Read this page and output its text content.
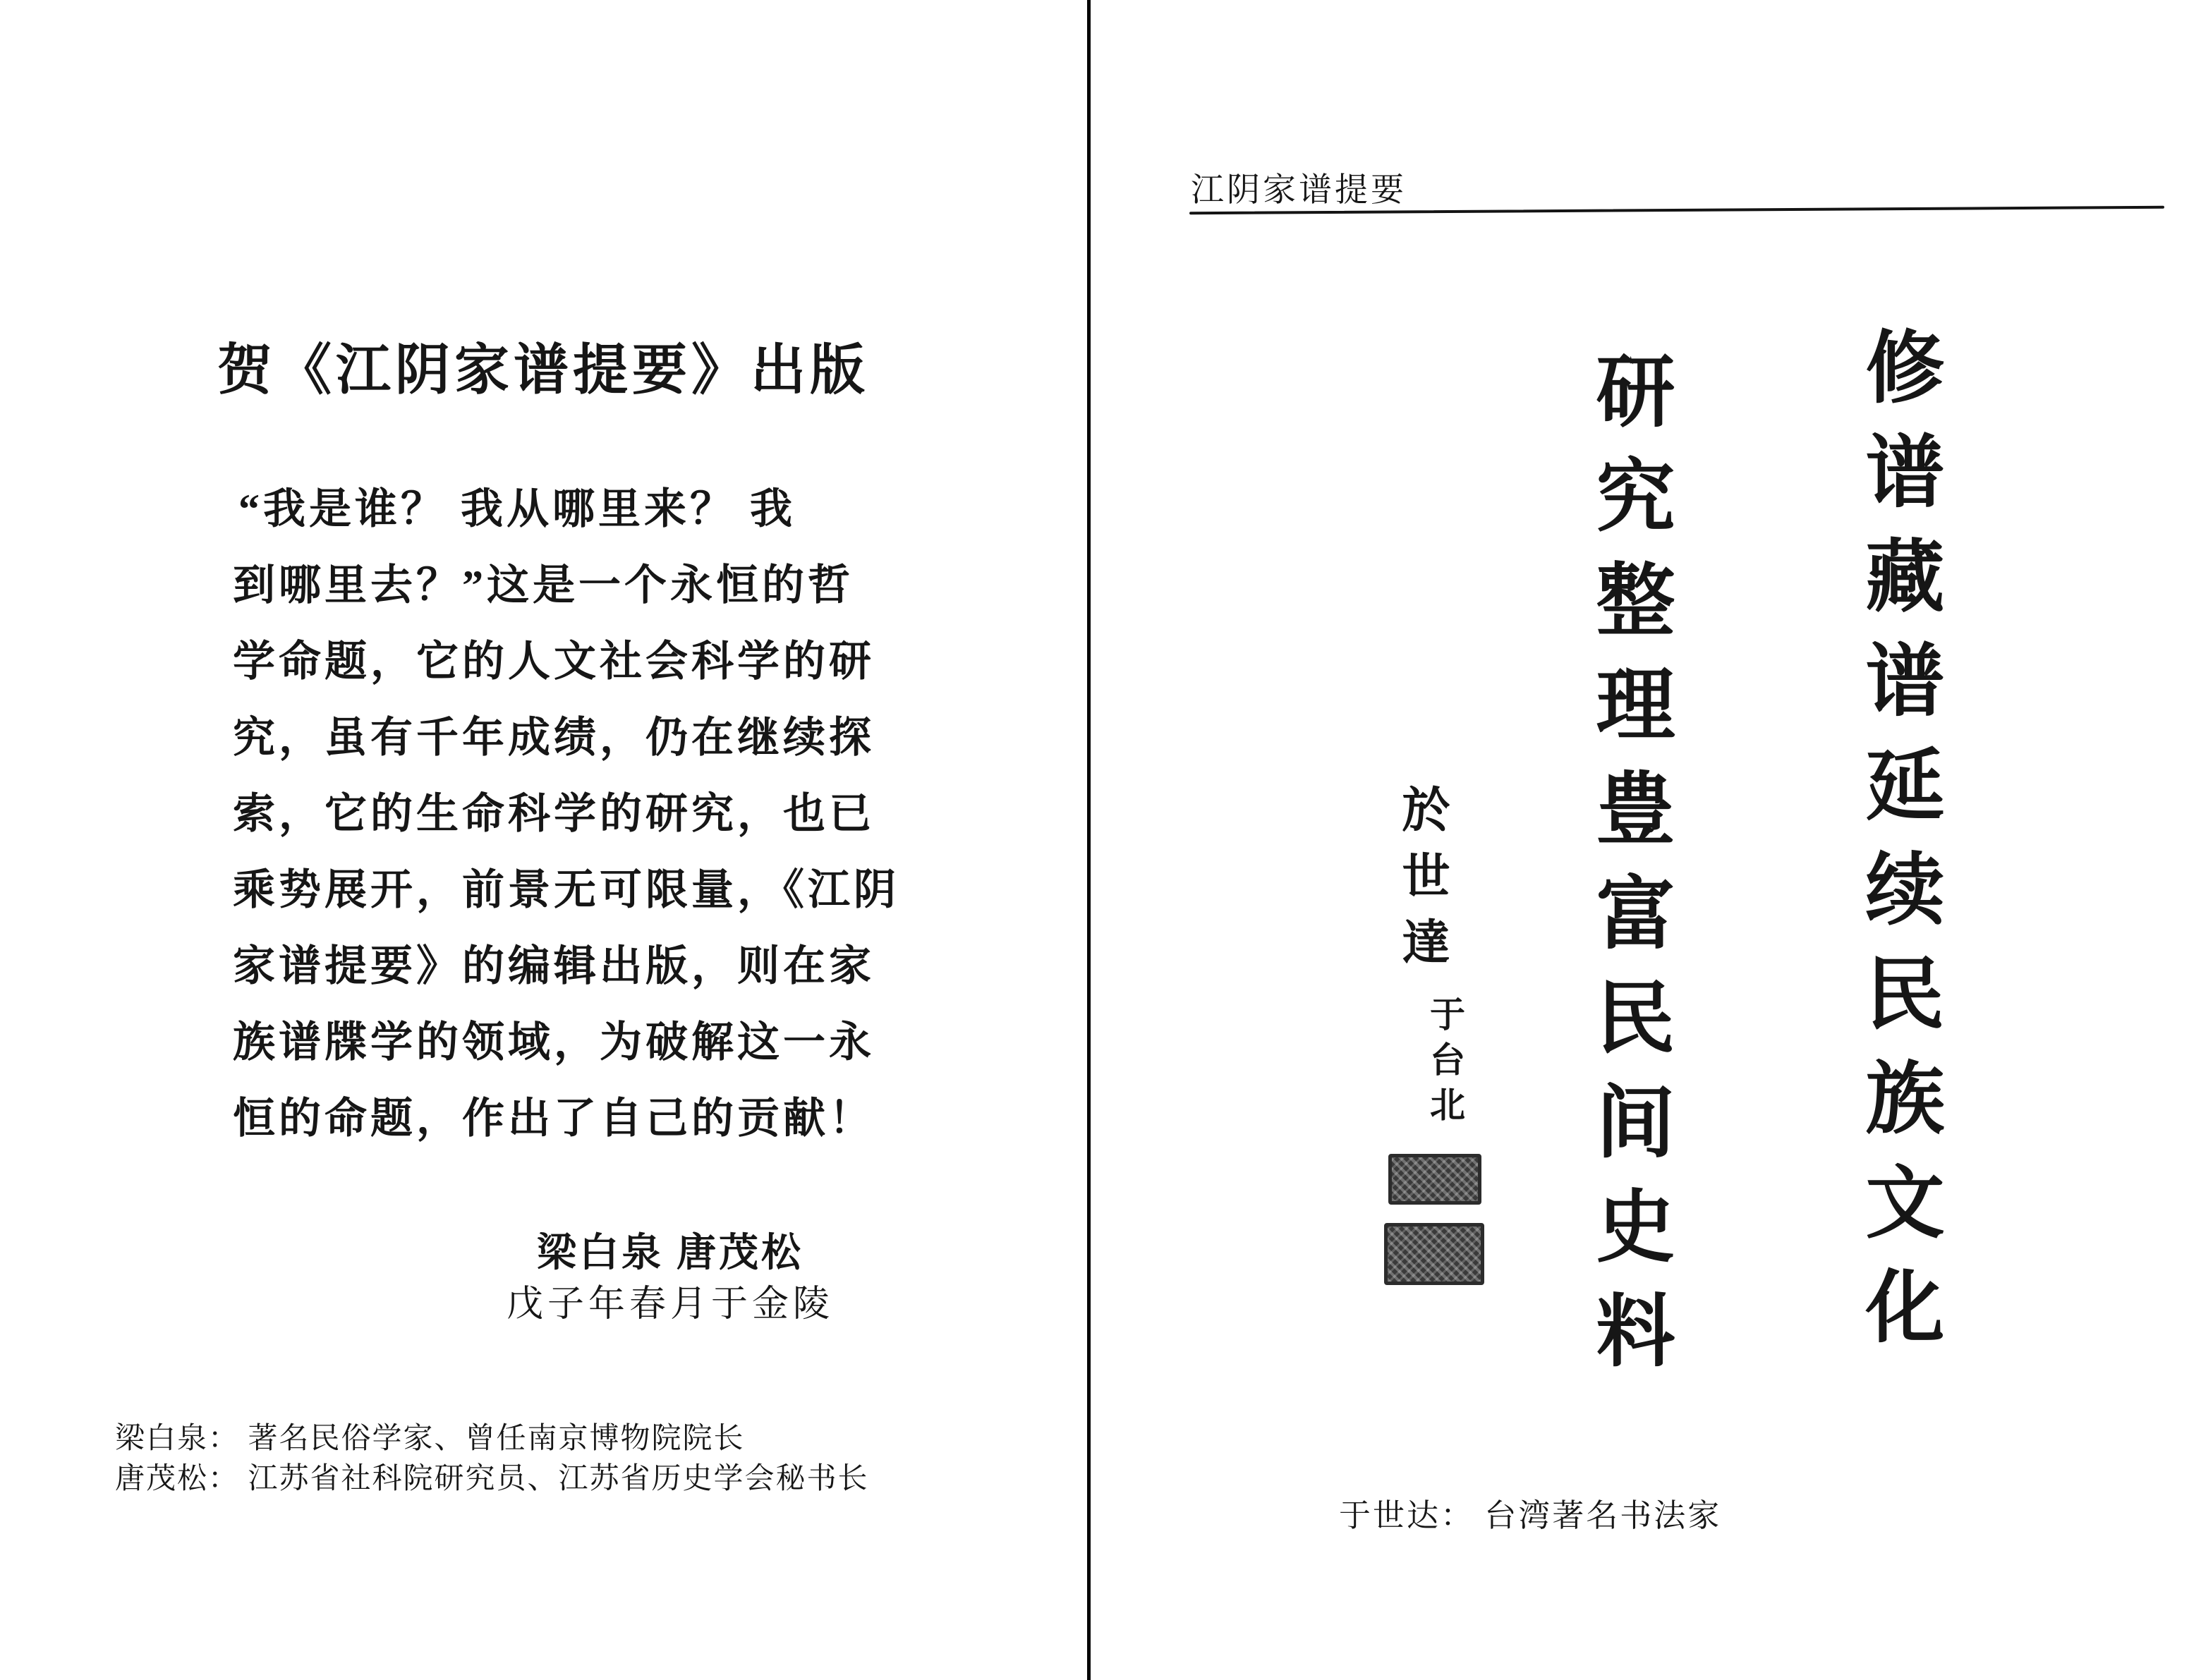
贺《江阴家谱提要》出版
“我是谁？ 我从哪里来？ 我
到哪里去？”这是一个永恒的哲
学命题，它的人文社会科学的研
究，虽有千年成绩，仍在继续探
索，它的生命科学的研究，也已
乘势展开，前景无可限量，《江阴
家谱提要》的编辑出版，则在家
族谱牒学的领域，为破解这一永
恒的命题，作出了自己的贡献！
梁白泉 唐茂松
戊子年春月于金陵
梁白泉： 著名民俗学家、曾任南京博物院院长
唐茂松： 江苏省社科院研究员、江苏省历史学会秘书长
江阴家谱提要
修谱藏谱延续民族文化
研究整理豊富民间史料
於世達
于台北
于世达： 台湾著名书法家
